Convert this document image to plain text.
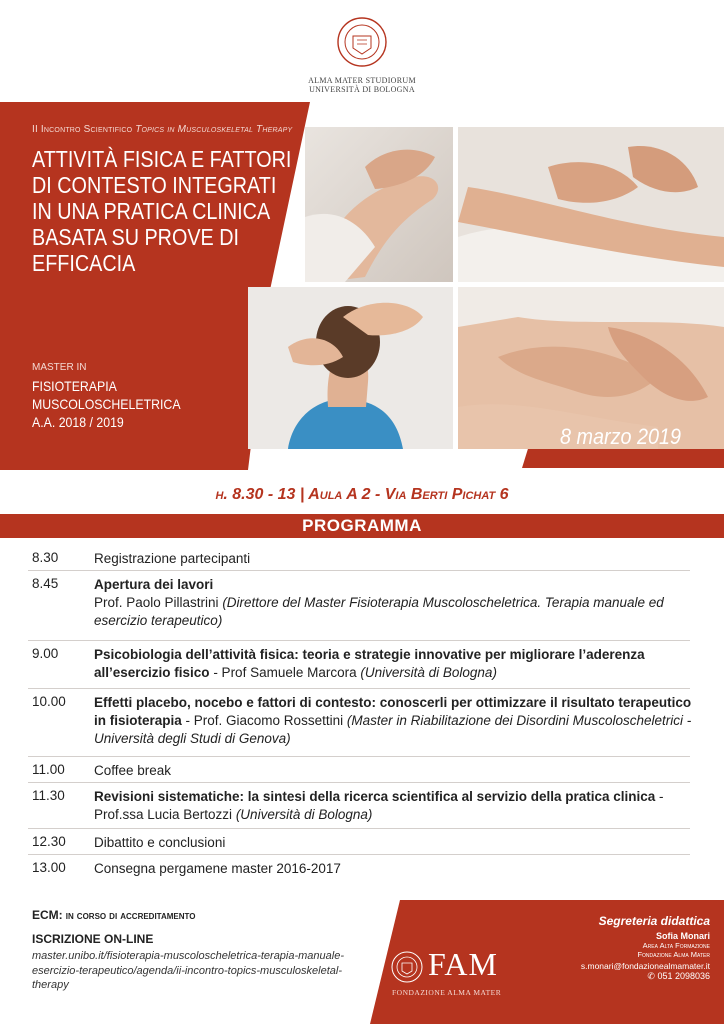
ALMA MATER STUDIORUM
UNIVERSITÀ DI BOLOGNA
II Incontro Scientifico Topics in Musculoskeletal Therapy
ATTIVITÀ FISICA E FATTORI
DI CONTESTO INTEGRATI
IN UNA PRATICA CLINICA
BASATA SU PROVE DI
EFFICACIA
MASTER IN
FISIOTERAPIA
MUSCOLOSCHELETRICA
A.A. 2018 / 2019
8 marzo 2019
h. 8.30 - 13 | Aula A 2 - Via Berti Pichat 6
PROGRAMMA
8.30	Registrazione partecipanti
8.45	Apertura dei lavori
Prof. Paolo Pillastrini (Direttore del Master Fisioterapia Muscoloscheletrica. Terapia manuale ed esercizio terapeutico)
9.00	Psicobiologia dell’attività fisica: teoria e strategie innovative per migliorare l’aderenza all’esercizio fisico - Prof Samuele Marcora (Università di Bologna)
10.00	Effetti placebo, nocebo e fattori di contesto: conoscerli per ottimizzare il risultato terapeutico in fisioterapia - Prof. Giacomo Rossettini (Master in Riabilitazione dei Disordini Muscoloscheletrici - Università degli Studi di Genova)
11.00	Coffee break
11.30	Revisioni sistematiche: la sintesi della ricerca scientifica al servizio della pratica clinica - Prof.ssa Lucia Bertozzi (Università di Bologna)
12.30	Dibattito e conclusioni
13.00	Consegna pergamene master 2016-2017
ECM: in corso di accreditamento
ISCRIZIONE ON-LINE
master.unibo.it/fisioterapia-muscoloscheletrica-terapia-manuale-esercizio-terapeutico/agenda/ii-incontro-topics-musculoskeletal-therapy
FAM
FONDAZIONE ALMA MATER
Segreteria didattica
Sofia Monari
Area Alta Formazione
Fondazione Alma Mater
s.monari@fondazionealmamater.it
✆ 051 2098036
